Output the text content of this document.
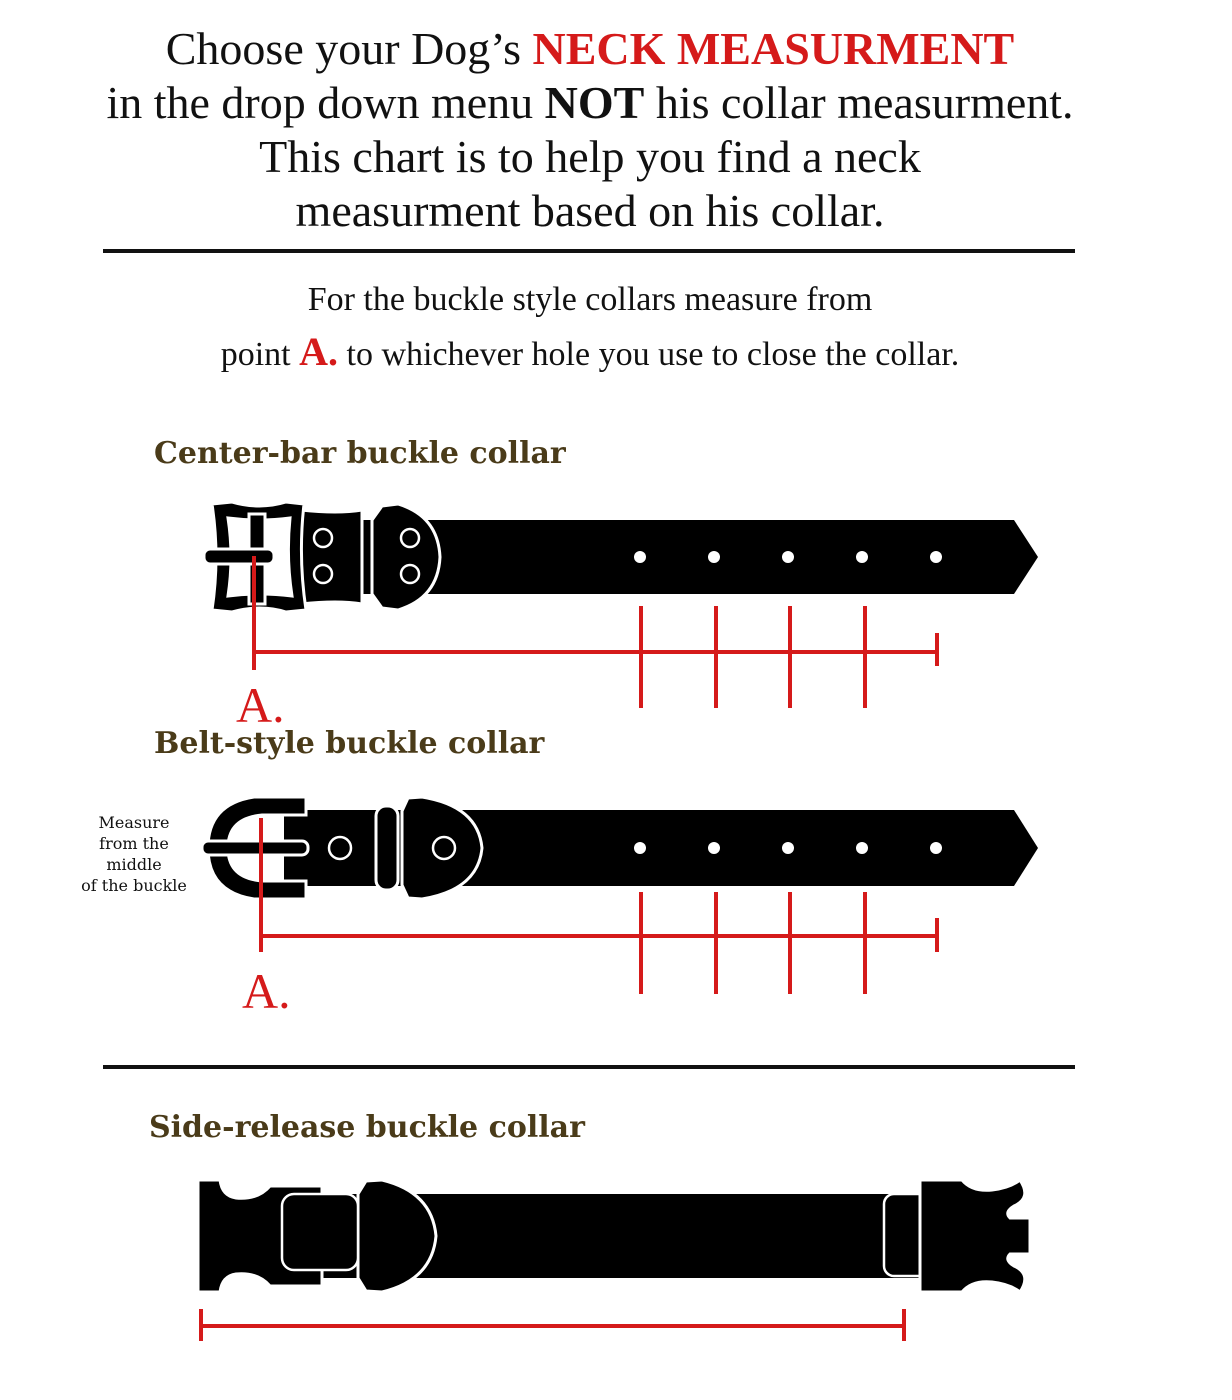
Choose your Dog’s NECK MEASURMENT
in the drop down menu NOT his collar measurment.
This chart is to help you find a neck
measurment based on his collar.
For the buckle style collars measure from
point A. to whichever hole you use to close the collar.
Center-bar buckle collar
Belt-style buckle collar
Side-release buckle collar
A.
A.
Measure
from the
middle
of the buckle
